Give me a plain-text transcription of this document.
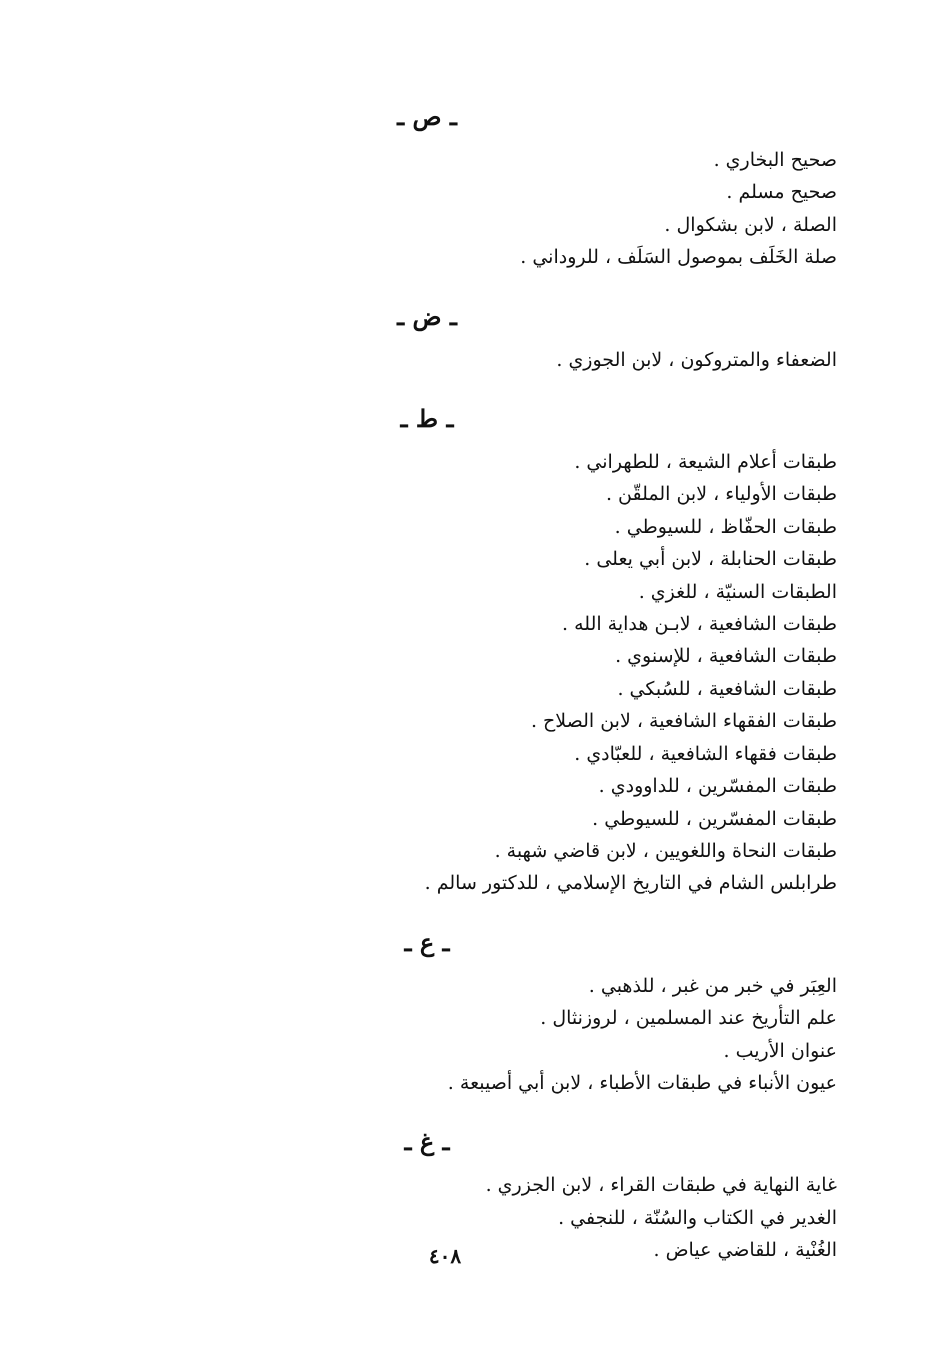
ـ ص ـ
صحيح البخاري .
صحيح مسلم .
الصلة ، لابن بشكوال .
صلة الخَلَف بموصول السَلَف ، للروداني .
ـ ض ـ
الضعفاء والمتروكون ، لابن الجوزي .
ـ ط ـ
طبقات أعلام الشيعة ، للطهراني .
طبقات الأولياء ، لابن الملقّن .
طبقات الحفّاظ ، للسيوطي .
طبقات الحنابلة ، لابن أبي يعلى .
الطبقات السنيّة ، للغزي .
طبقات الشافعية ، لابـن هداية الله .
طبقات الشافعية ، للإسنوي .
طبقات الشافعية ، للسُبكي .
طبقات الفقهاء الشافعية ، لابن الصلاح .
طبقات فقهاء الشافعية ، للعبّادي .
طبقات المفسّرين ، للداوودي .
طبقات المفسّرين ، للسيوطي .
طبقات النحاة واللغويين ، لابن قاضي شهبة .
طرابلس الشام في التاريخ الإسلامي ، للدكتور سالم .
ـ ع ـ
العِبَر في خبر من غبر ، للذهبي .
علم التأريخ عند المسلمين ، لروزنثال .
عنوان الأريب .
عيون الأنباء في طبقات الأطباء ، لابن أبي أصيبعة .
ـ غ ـ
غاية النهاية في طبقات القراء ، لابن الجزري .
الغدير في الكتاب والسُنّة ، للنجفي .
الغُنْية ، للقاضي عياض .
٤٠٨
